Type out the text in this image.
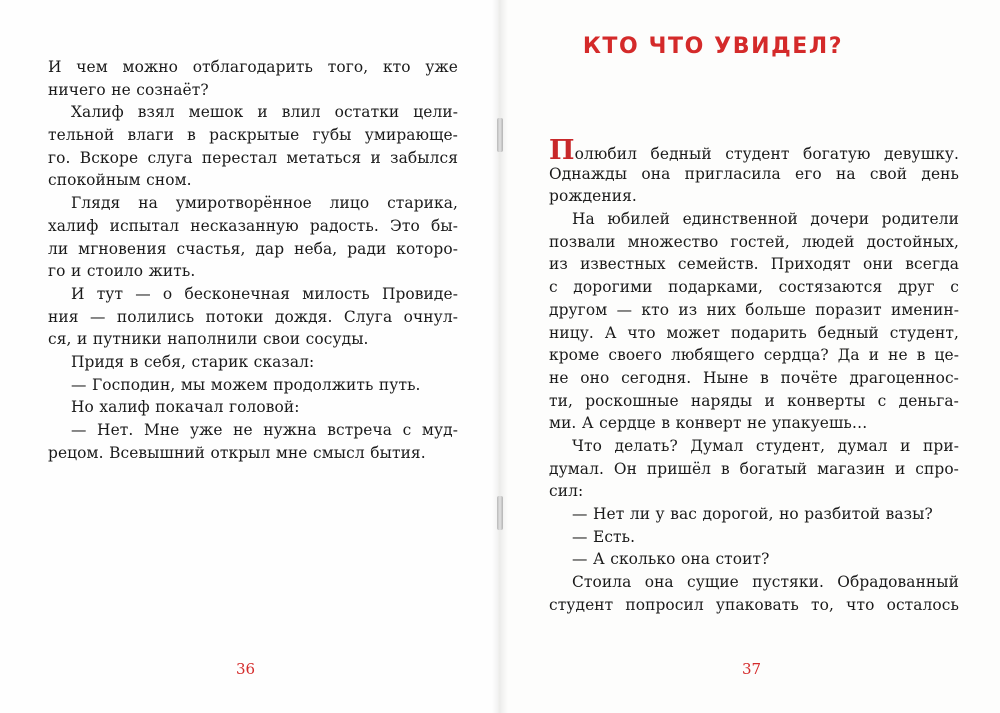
И чем можно отблагодарить того, кто уже
ничего не сознаёт?
Халиф взял мешок и влил остатки цели-
тельной влаги в раскрытые губы умирающе-
го. Вскоре слуга перестал метаться и забылся
спокойным сном.
Глядя на умиротворённое лицо старика,
халиф испытал несказанную радость. Это бы-
ли мгновения счастья, дар неба, ради которо-
го и стоило жить.
И тут — о бесконечная милость Провиде-
ния — полились потоки дождя. Слуга очнул-
ся, и путники наполнили свои сосуды.
Придя в себя, старик сказал:
— Господин, мы можем продолжить путь.
Но халиф покачал головой:
— Нет. Мне уже не нужна встреча с муд-
рецом. Всевышний открыл мне смысл бытия.
КТО ЧТО УВИДЕЛ?
Полюбил бедный студент богатую девушку.
Однажды она пригласила его на свой день
рождения.
На юбилей единственной дочери родители
позвали множество гостей, людей достойных,
из известных семейств. Приходят они всегда
с дорогими подарками, состязаются друг с
другом — кто из них больше поразит именин-
ницу. А что может подарить бедный студент,
кроме своего любящего сердца? Да и не в це-
не оно сегодня. Ныне в почёте драгоценнос-
ти, роскошные наряды и конверты с деньга-
ми. А сердце в конверт не упакуешь…
Что делать? Думал студент, думал и при-
думал. Он пришёл в богатый магазин и спро-
сил:
— Нет ли у вас дорогой, но разбитой вазы?
— Есть.
— А сколько она стоит?
Стоила она сущие пустяки. Обрадованный
студент попросил упаковать то, что осталось
36	37
